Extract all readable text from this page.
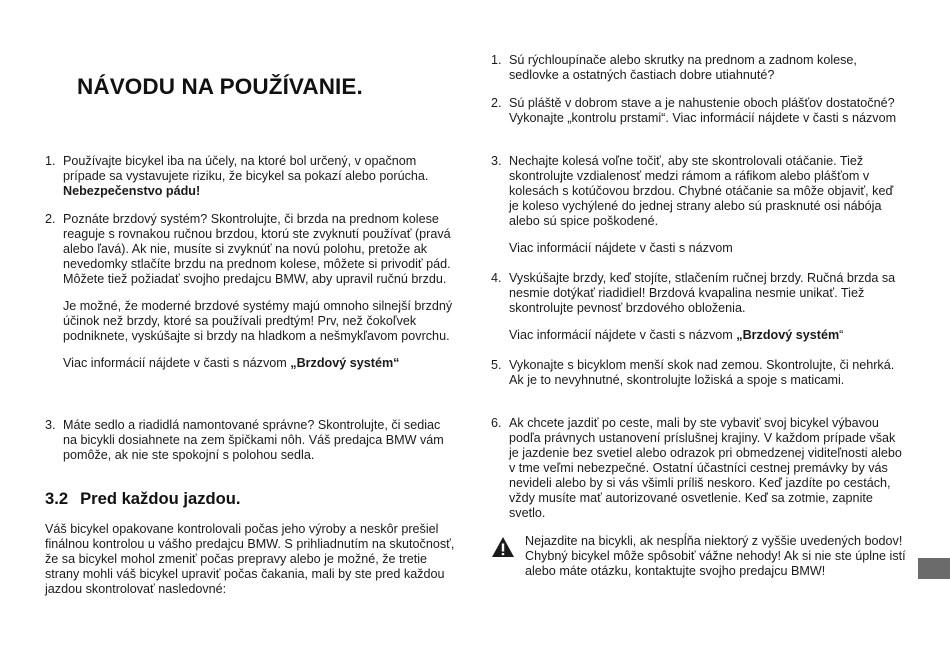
NÁVODU NA POUŽÍVANIE.
1. Používajte bicykel iba na účely, na ktoré bol určený, v opačnom prípade sa vystavujete riziku, že bicykel sa pokazí alebo porúcha. Nebezpečenstvo pádu!

2. Poznáte brzdový systém? Skontrolujte, či brzda na prednom kolese reaguje s rovnakou ručnou brzdou, ktorú ste zvyknutí používať (pravá alebo ľavá). Ak nie, musíte si zvyknúť na novú polohu, pretože ak nevedomky stlačíte brzdu na prednom kolese, môžete si privodiť pád. Môžete tiež požiadať svojho predajcu BMW, aby upravil ručnú brzdu.

Je možné, že moderné brzdové systémy majú omnoho silnejší brzdný účinok než brzdy, ktoré sa používali predtým! Prv, než čokoľvek podniknete, vyskúšajte si brzdy na hladkom a nešmykľavom povrchu.

Viac informácií nájdete v časti s názvom „Brzdový systém“

3. Máte sedlo a riadidlá namontované správne? Skontrolujte, či sediac na bicykli dosiahnete na zem špičkami nôh. Váš predajca BMW vám pomôže, ak nie ste spokojní s polohou sedla.

3.2 Pred každou jazdou.

Váš bicykel opakovane kontrolovali počas jeho výroby a neskôr prešiel finálnou kontrolou u vášho predajcu BMW. S prihliadnutím na skutočnosť, že sa bicykel mohol zmeniť počas prepravy alebo je možné, že tretie strany mohli váš bicykel upraviť počas čakania, mali by ste pred každou jazdou skontrolovať nasledovné:

1. Sú rýchloupínače alebo skrutky na prednom a zadnom kolese, sedlovke a ostatných častiach dobre utiahnuté?

2. Sú pláště v dobrom stave a je nahustenie oboch plášťov dostatočné? Vykonajte „kontrolu prstami“. Viac informácií nájdete v časti s názvom

3. Nechajte kolesá voľne točiť, aby ste skontrolovali otáčanie. Tiež skontrolujte vzdialenosť medzi rámom a ráfikom alebo plášťom v kolesách s kotúčovou brzdou. Chybné otáčanie sa môže objaviť, keď je koleso vychýlené do jednej strany alebo sú prasknuté osi nábója alebo sú spice poškodené.

Viac informácií nájdete v časti s názvom

4. Vyskúšajte brzdy, keď stojíte, stlačením ručnej brzdy. Ručná brzda sa nesmie dotýkať riadidiel! Brzdová kvapalina nesmie unikať. Tiež skontrolujte pevnosť brzdového obloženia.

Viac informácií nájdete v časti s názvom „Brzdový systém“

5. Vykonajte s bicyklom menší skok nad zemou. Skontrolujte, či nehrká. Ak je to nevyhnutné, skontrolujte ložiská a spoje s maticami.

6. Ak chcete jazdiť po ceste, mali by ste vybaviť svoj bicykel výbavou podľa právnych ustanovení príslušnej krajiny. V každom prípade však je jazdenie bez svetiel alebo odrazok pri obmedzenej viditeľnosti alebo v tme veľmi nebezpečné. Ostatní účastníci cestnej premávky by vás nevideli alebo by si vás všimli príliš neskoro. Keď jazdíte po cestách, vždy musíte mať autorizované osvetlenie. Keď sa zotmie, zapnite svetlo.

Nejazdite na bicykli, ak nespĺňa niektorý z vyššie uvedených bodov! Chybný bicykel môže spôsobiť vážne nehody! Ak si nie ste úplne istí alebo máte otázku, kontaktujte svojho predajcu BMW!
